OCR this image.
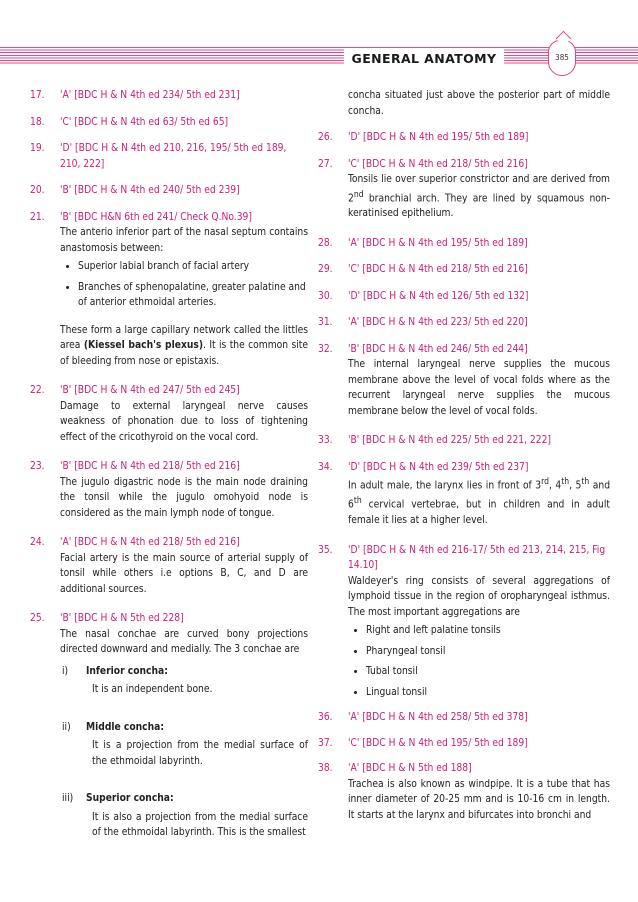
GENERAL ANATOMY	385
17. 'A' [BDC H & N 4th ed 234/ 5th ed 231]
18. 'C' [BDC H & N 4th ed 63/ 5th ed 65]
19. 'D' [BDC H & N 4th ed 210, 216, 195/ 5th ed 189, 210, 222]
20. 'B' [BDC H & N 4th ed 240/ 5th ed 239]
21. 'B' [BDC H&N 6th ed 241/ Check Q.No.39]
The anterio inferior part of the nasal septum contains anastomosis between:
• Superior labial branch of facial artery
• Branches of sphenopalatine, greater palatine and of anterior ethmoidal arteries.
These form a large capillary network called the littles area (Kiessel bach's plexus). It is the common site of bleeding from nose or epistaxis.
22. 'B' [BDC H & N 4th ed 247/ 5th ed 245]
Damage to external laryngeal nerve causes weakness of phonation due to loss of tightening effect of the cricothyroid on the vocal cord.
23. 'B' [BDC H & N 4th ed 218/ 5th ed 216]
The jugulo digastric node is the main node draining the tonsil while the jugulo omohyoid node is considered as the main lymph node of tongue.
24. 'A' [BDC H & N 4th ed 218/ 5th ed 216]
Facial artery is the main source of arterial supply of tonsil while others i.e options B, C, and D are additional sources.
25. 'B' [BDC H & N 5th ed 228]
The nasal conchae are curved bony projections directed downward and medially. The 3 conchae are
i) Inferior concha:
It is an independent bone.
ii) Middle concha:
It is a projection from the medial surface of the ethmoidal labyrinth.
iii) Superior concha:
It is also a projection from the medial surface of the ethmoidal labyrinth. This is the smallest
concha situated just above the posterior part of middle concha.
26. 'D' [BDC H & N 4th ed 195/ 5th ed 189]
27. 'C' [BDC H & N 4th ed 218/ 5th ed 216]
Tonsils lie over superior constrictor and are derived from 2nd branchial arch. They are lined by squamous non-keratinised epithelium.
28. 'A' [BDC H & N 4th ed 195/ 5th ed 189]
29. 'C' [BDC H & N 4th ed 218/ 5th ed 216]
30. 'D' [BDC H & N 4th ed 126/ 5th ed 132]
31. 'A' [BDC H & N 4th ed 223/ 5th ed 220]
32. 'B' [BDC H & N 4th ed 246/ 5th ed 244]
The internal laryngeal nerve supplies the mucous membrane above the level of vocal folds where as the recurrent laryngeal nerve supplies the mucous membrane below the level of vocal folds.
33. 'B' [BDC H & N 4th ed 225/ 5th ed 221, 222]
34. 'D' [BDC H & N 4th ed 239/ 5th ed 237]
In adult male, the larynx lies in front of 3rd, 4th, 5th and 6th cervical vertebrae, but in children and in adult female it lies at a higher level.
35. 'D' [BDC H & N 4th ed 216-17/ 5th ed 213, 214, 215, Fig 14.10]
Waldeyer's ring consists of several aggregations of lymphoid tissue in the region of oropharyngeal isthmus. The most important aggregations are
• Right and left palatine tonsils
• Pharyngeal tonsil
• Tubal tonsil
• Lingual tonsil
36. 'A' [BDC H & N 4th ed 258/ 5th ed 378]
37. 'C' [BDC H & N 4th ed 195/ 5th ed 189]
38. 'A' [BDC H & N 5th ed 188]
Trachea is also known as windpipe. It is a tube that has inner diameter of 20-25 mm and is 10-16 cm in length. It starts at the larynx and bifurcates into bronchi and
